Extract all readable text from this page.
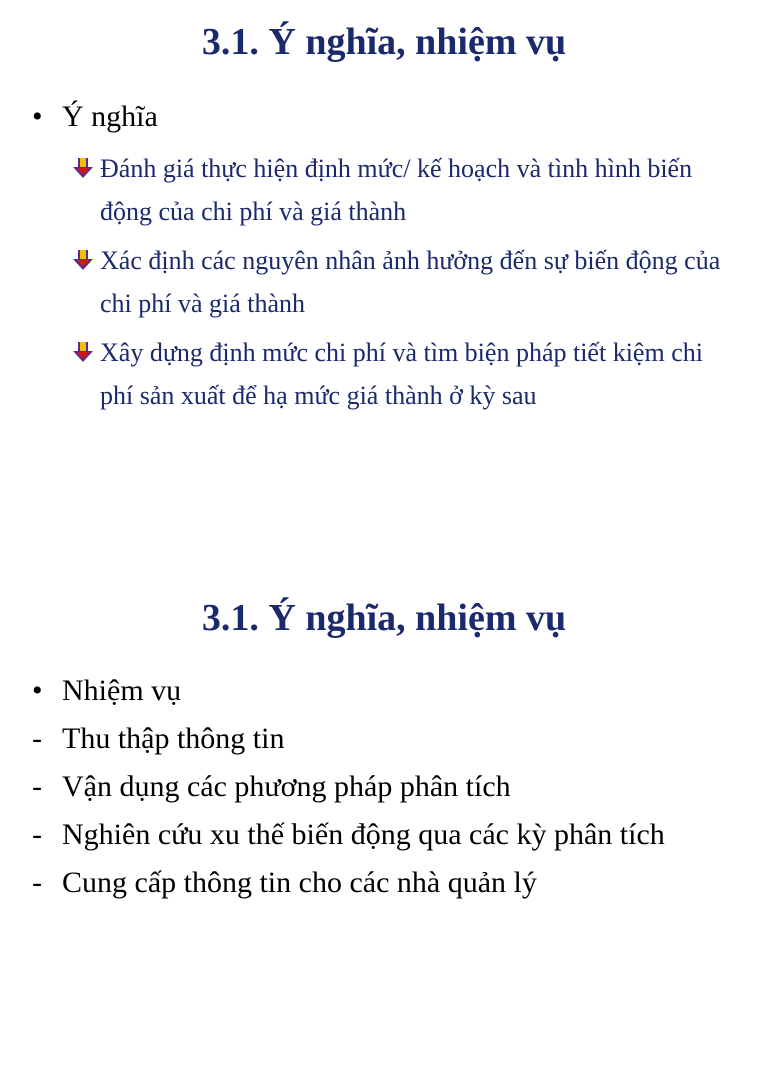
3.1. Ý nghĩa, nhiệm vụ
• Ý nghĩa
Đánh giá thực hiện định mức/ kế hoạch và tình hình biến động của chi phí và giá thành
Xác định các nguyên nhân ảnh hưởng đến sự biến động của chi phí và giá thành
Xây dựng định mức chi phí và tìm biện pháp tiết kiệm chi phí sản xuất để hạ mức giá thành ở kỳ sau
3.1. Ý nghĩa, nhiệm vụ
• Nhiệm vụ
- Thu thập thông tin
- Vận dụng các phương pháp phân tích
- Nghiên cứu xu thế biến động qua các kỳ phân tích
- Cung cấp thông tin cho các nhà quản lý
